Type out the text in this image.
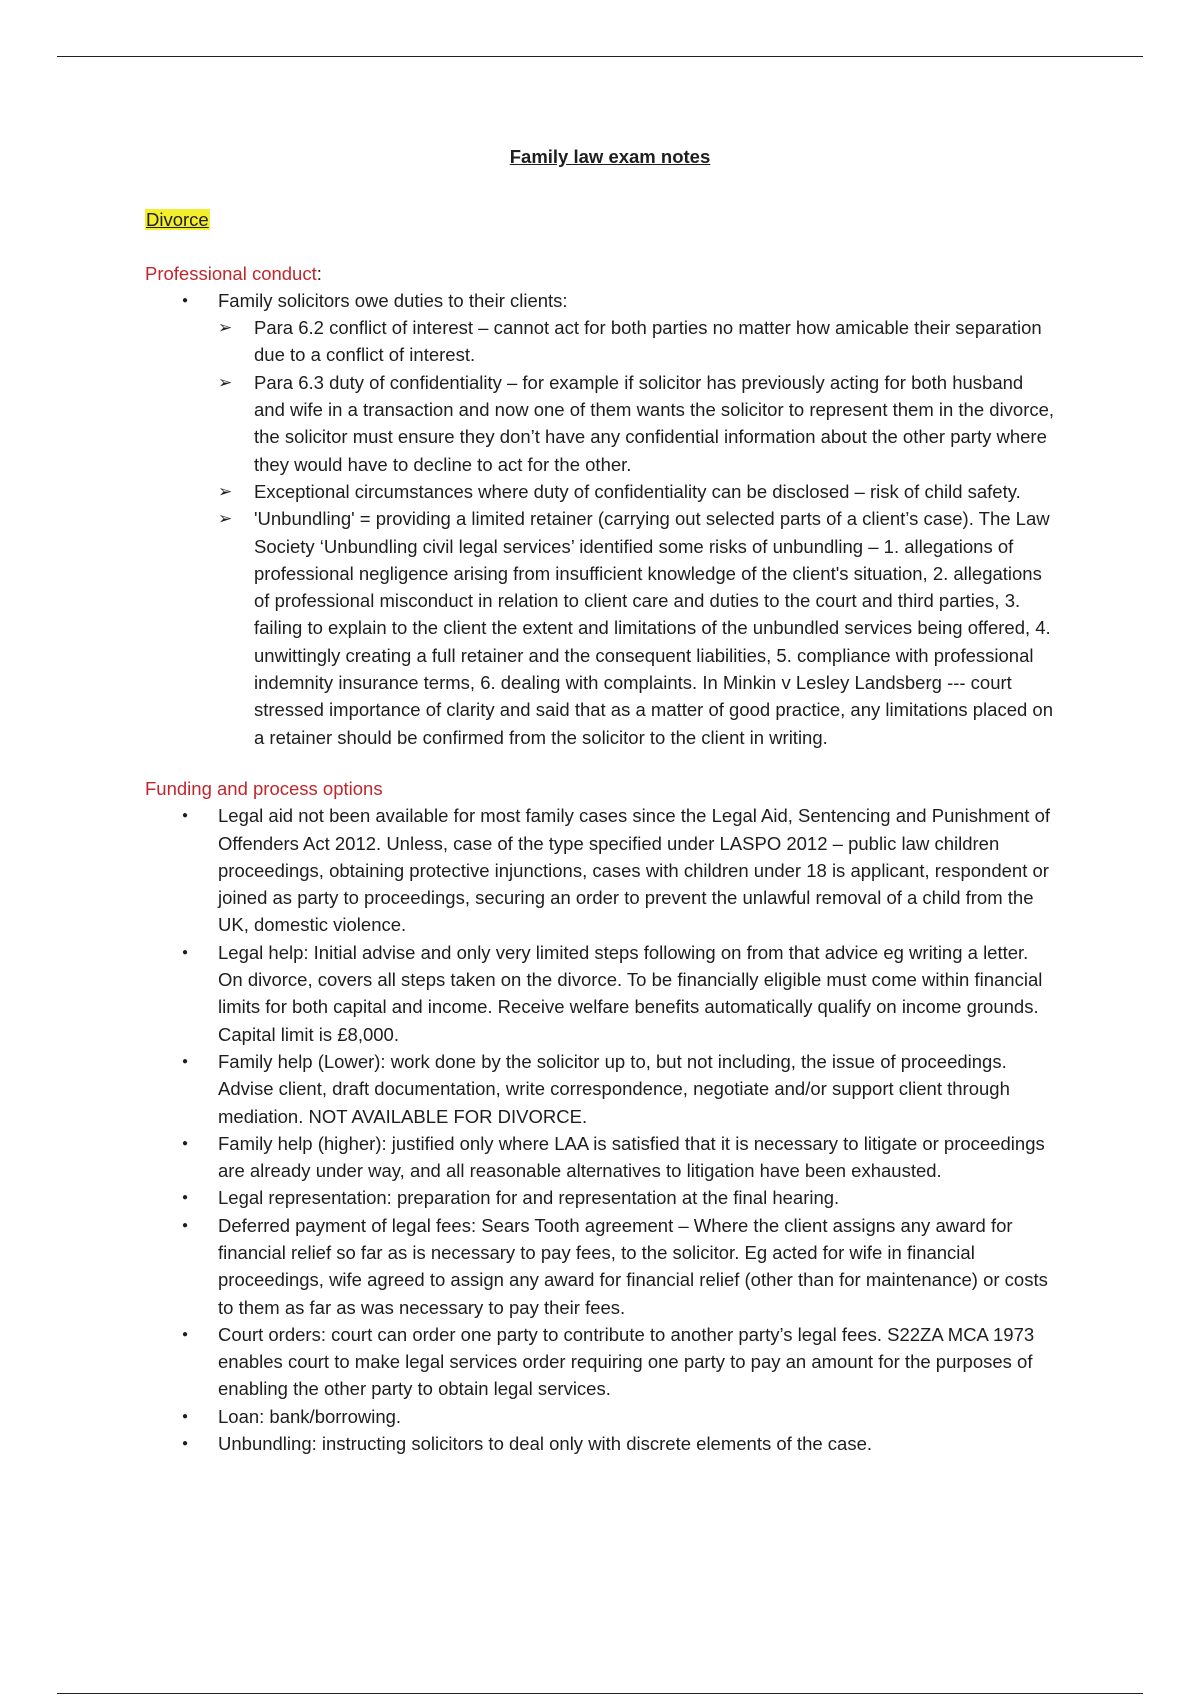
Family law exam notes
Divorce

Professional conduct:

● Family solicitors owe duties to their clients:
➢ Para 6.2 conflict of interest – cannot act for both parties no matter how amicable their separation due to a conflict of interest.
➢ Para 6.3 duty of confidentiality – for example if solicitor has previously acting for both husband and wife in a transaction and now one of them wants the solicitor to represent them in the divorce, the solicitor must ensure they don’t have any confidential information about the other party where they would have to decline to act for the other.
➢ Exceptional circumstances where duty of confidentiality can be disclosed – risk of child safety.
➢ 'Unbundling' = providing a limited retainer (carrying out selected parts of a client’s case). The Law Society ‘Unbundling civil legal services’ identified some risks of unbundling – 1. allegations of professional negligence arising from insufficient knowledge of the client's situation, 2. allegations of professional misconduct in relation to client care and duties to the court and third parties, 3. failing to explain to the client the extent and limitations of the unbundled services being offered, 4. unwittingly creating a full retainer and the consequent liabilities, 5. compliance with professional indemnity insurance terms, 6. dealing with complaints. In Minkin v Lesley Landsberg --- court stressed importance of clarity and said that as a matter of good practice, any limitations placed on a retainer should be confirmed from the solicitor to the client in writing.

Funding and process options

● Legal aid not been available for most family cases since the Legal Aid, Sentencing and Punishment of Offenders Act 2012. Unless, case of the type specified under LASPO 2012 – public law children proceedings, obtaining protective injunctions, cases with children under 18 is applicant, respondent or joined as party to proceedings, securing an order to prevent the unlawful removal of a child from the UK, domestic violence.
● Legal help: Initial advise and only very limited steps following on from that advice eg writing a letter. On divorce, covers all steps taken on the divorce. To be financially eligible must come within financial limits for both capital and income. Receive welfare benefits automatically qualify on income grounds. Capital limit is £8,000.
● Family help (Lower): work done by the solicitor up to, but not including, the issue of proceedings. Advise client, draft documentation, write correspondence, negotiate and/or support client through mediation. NOT AVAILABLE FOR DIVORCE.
● Family help (higher): justified only where LAA is satisfied that it is necessary to litigate or proceedings are already under way, and all reasonable alternatives to litigation have been exhausted.
● Legal representation: preparation for and representation at the final hearing.
● Deferred payment of legal fees: Sears Tooth agreement – Where the client assigns any award for financial relief so far as is necessary to pay fees, to the solicitor. Eg acted for wife in financial proceedings, wife agreed to assign any award for financial relief (other than for maintenance) or costs to them as far as was necessary to pay their fees.
● Court orders: court can order one party to contribute to another party’s legal fees. S22ZA MCA 1973 enables court to make legal services order requiring one party to pay an amount for the purposes of enabling the other party to obtain legal services.
● Loan: bank/borrowing.
● Unbundling: instructing solicitors to deal only with discrete elements of the case.
